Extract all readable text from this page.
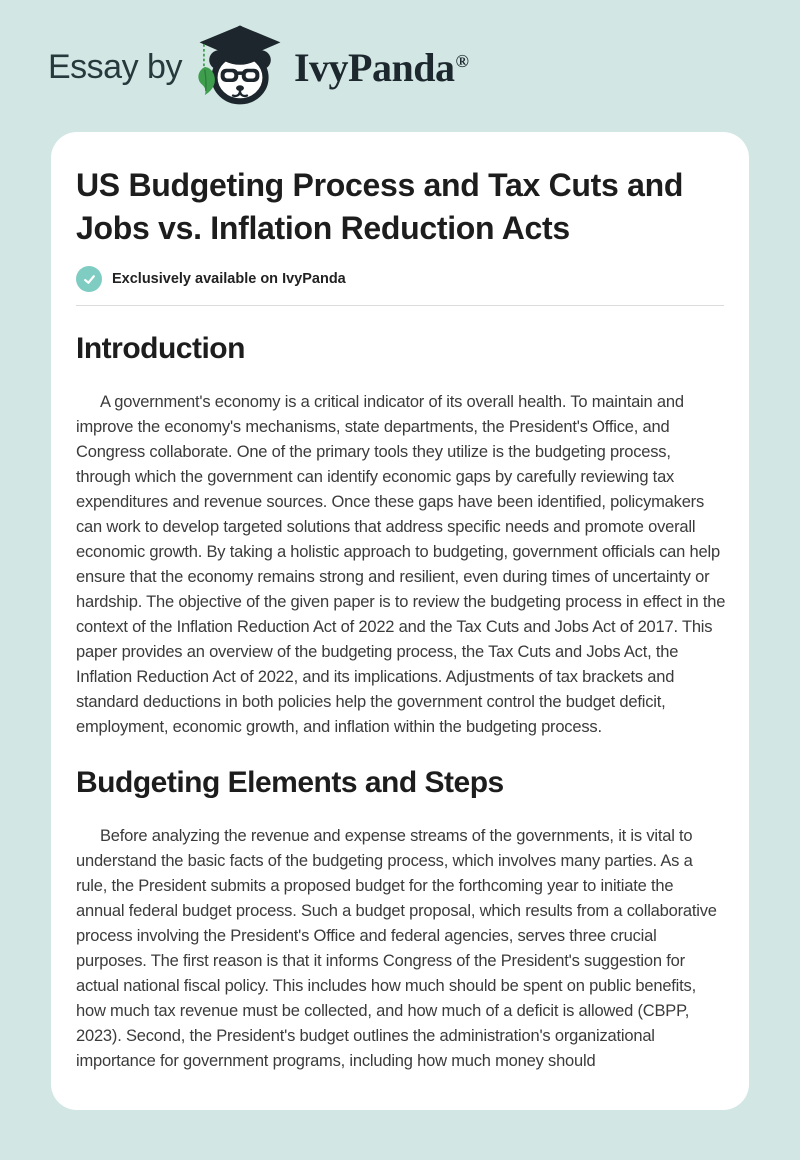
Essay by	IvyPanda®
US Budgeting Process and Tax Cuts and Jobs vs. Inflation Reduction Acts
Exclusively available on IvyPanda
Introduction

A government's economy is a critical indicator of its overall health. To maintain and improve the economy's mechanisms, state departments, the President's Office, and Congress collaborate. One of the primary tools they utilize is the budgeting process, through which the government can identify economic gaps by carefully reviewing tax expenditures and revenue sources. Once these gaps have been identified, policymakers can work to develop targeted solutions that address specific needs and promote overall economic growth. By taking a holistic approach to budgeting, government officials can help ensure that the economy remains strong and resilient, even during times of uncertainty or hardship. The objective of the given paper is to review the budgeting process in effect in the context of the Inflation Reduction Act of 2022 and the Tax Cuts and Jobs Act of 2017. This paper provides an overview of the budgeting process, the Tax Cuts and Jobs Act, the Inflation Reduction Act of 2022, and its implications. Adjustments of tax brackets and standard deductions in both policies help the government control the budget deficit, employment, economic growth, and inflation within the budgeting process.

Budgeting Elements and Steps

Before analyzing the revenue and expense streams of the governments, it is vital to understand the basic facts of the budgeting process, which involves many parties. As a rule, the President submits a proposed budget for the forthcoming year to initiate the annual federal budget process. Such a budget proposal, which results from a collaborative process involving the President's Office and federal agencies, serves three crucial purposes. The first reason is that it informs Congress of the President's suggestion for actual national fiscal policy. This includes how much should be spent on public benefits, how much tax revenue must be collected, and how much of a deficit is allowed (CBPP, 2023). Second, the President's budget outlines the administration's organizational importance for government programs, including how much money should
